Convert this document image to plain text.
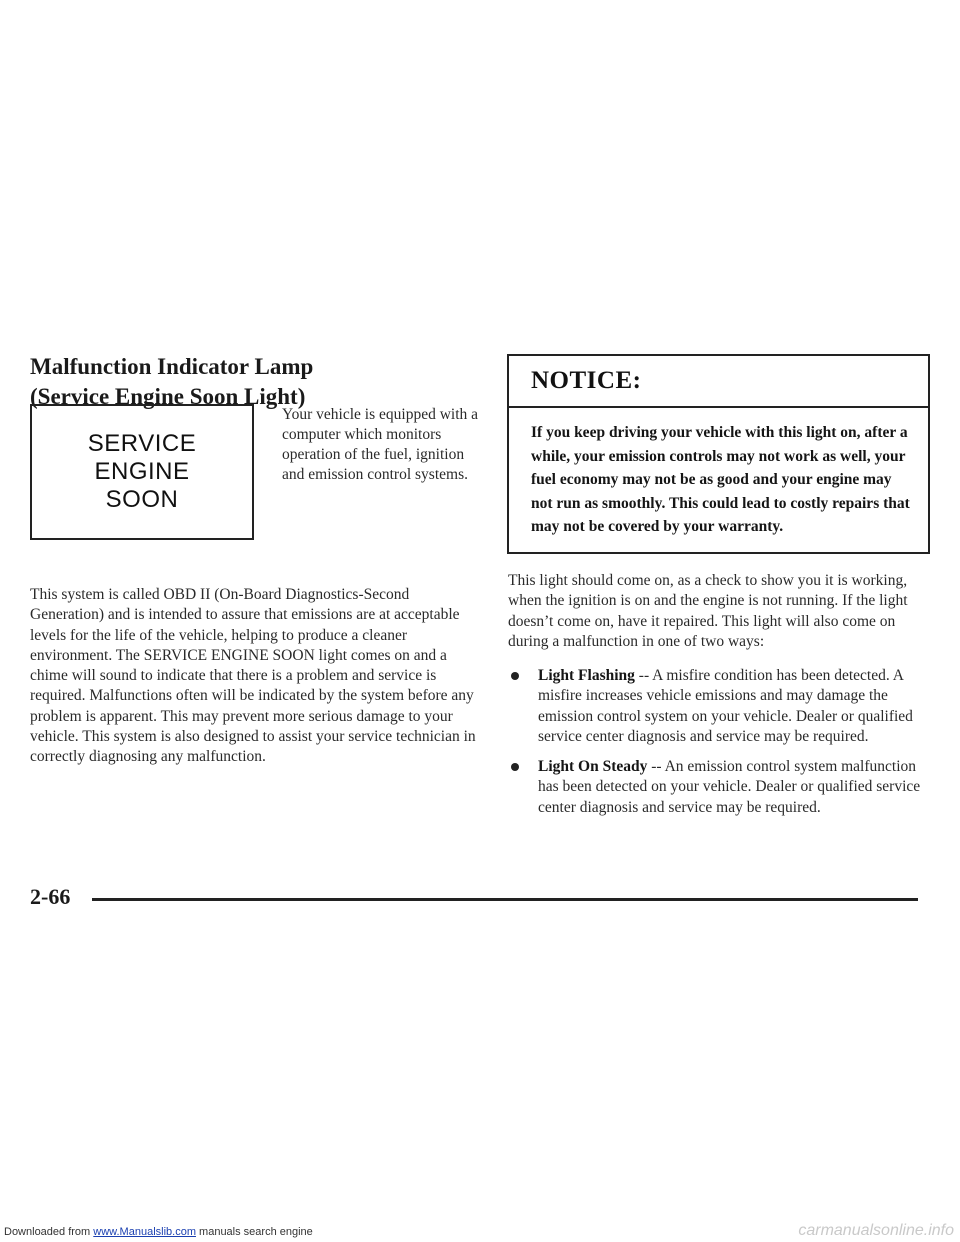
Malfunction Indicator Lamp
(Service Engine Soon Light)
SERVICE
ENGINE
SOON

Your vehicle is equipped with a computer which monitors operation of the fuel, ignition and emission control systems.

This system is called OBD II (On-Board Diagnostics-Second Generation) and is intended to assure that emissions are at acceptable levels for the life of the vehicle, helping to produce a cleaner environment. The SERVICE ENGINE SOON light comes on and a chime will sound to indicate that there is a problem and service is required. Malfunctions often will be indicated by the system before any problem is apparent. This may prevent more serious damage to your vehicle. This system is also designed to assist your service technician in correctly diagnosing any malfunction.

NOTICE:

If you keep driving your vehicle with this light on, after a while, your emission controls may not work as well, your fuel economy may not be as good and your engine may not run as smoothly. This could lead to costly repairs that may not be covered by your warranty.

This light should come on, as a check to show you it is working, when the ignition is on and the engine is not running. If the light doesn’t come on, have it repaired. This light will also come on during a malfunction in one of two ways:

Light Flashing -- A misfire condition has been detected. A misfire increases vehicle emissions and may damage the emission control system on your vehicle. Dealer or qualified service center diagnosis and service may be required.
Light On Steady -- An emission control system malfunction has been detected on your vehicle. Dealer or qualified service center diagnosis and service may be required.
2-66
Downloaded from www.Manualslib.com manuals search engine	carmanualsonline.info
